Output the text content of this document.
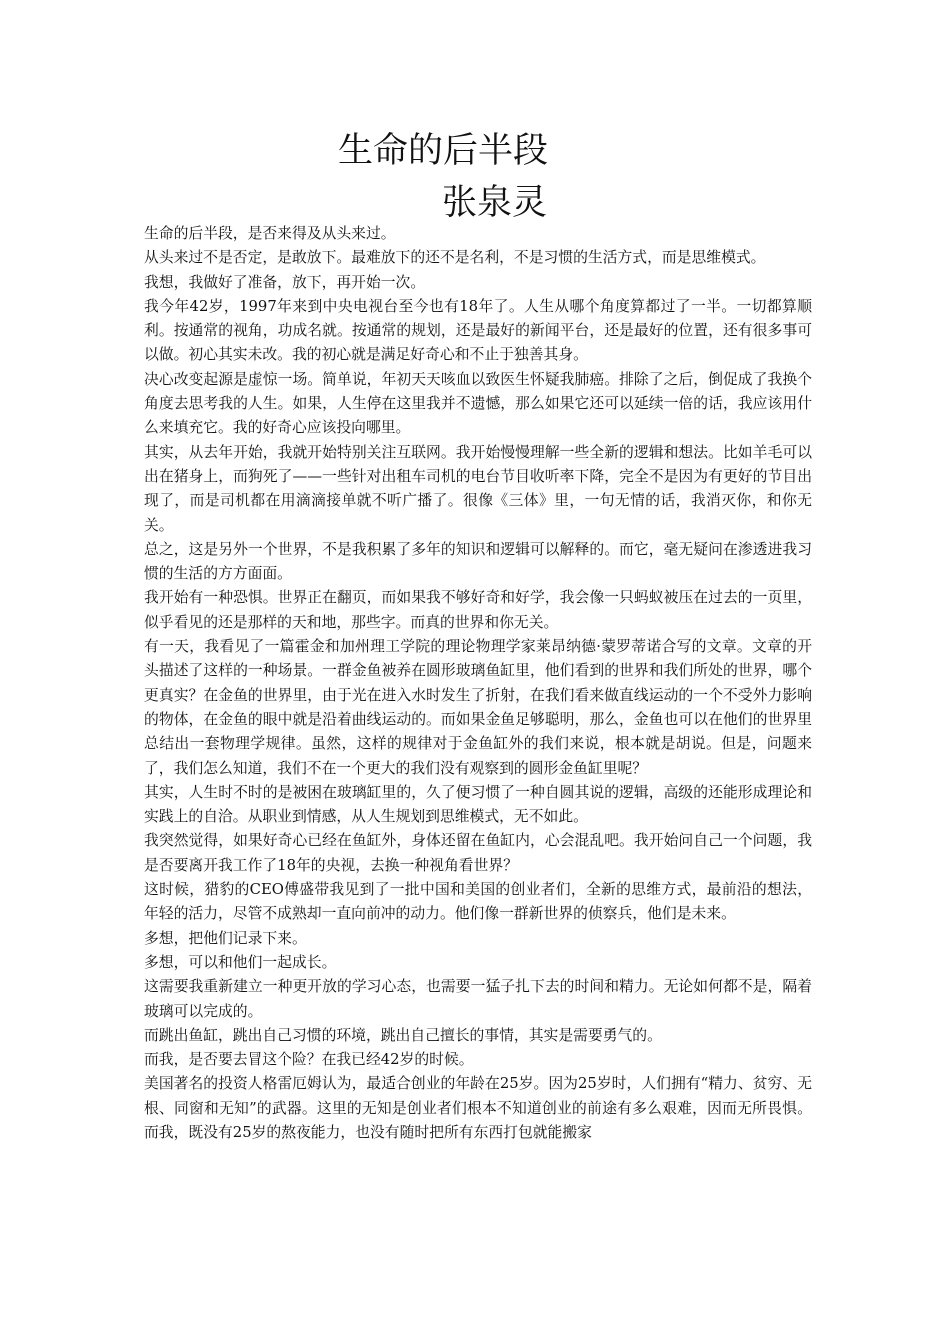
生命的后半段
张泉灵

生命的后半段，是否来得及从头来过。

从头来过不是否定，是敢放下。最难放下的还不是名利，不是习惯的生活方式，而是思维模式。

我想，我做好了准备，放下，再开始一次。

我今年42岁，1997年来到中央电视台至今也有18年了。人生从哪个角度算都过了一半。一切都算顺利。按通常的视角，功成名就。按通常的规划，还是最好的新闻平台，还是最好的位置，还有很多事可以做。初心其实未改。我的初心就是满足好奇心和不止于独善其身。

决心改变起源是虚惊一场。简单说，年初天天咳血以致医生怀疑我肺癌。排除了之后，倒促成了我换个角度去思考我的人生。如果，人生停在这里我并不遗憾，那么如果它还可以延续一倍的话，我应该用什么来填充它。我的好奇心应该投向哪里。

其实，从去年开始，我就开始特别关注互联网。我开始慢慢理解一些全新的逻辑和想法。比如羊毛可以出在猪身上，而狗死了——一些针对出租车司机的电台节目收听率下降，完全不是因为有更好的节目出现了，而是司机都在用滴滴接单就不听广播了。很像《三体》里，一句无情的话，我消灭你，和你无关。

总之，这是另外一个世界，不是我积累了多年的知识和逻辑可以解释的。而它，毫无疑问在渗透进我习惯的生活的方方面面。

我开始有一种恐惧。世界正在翻页，而如果我不够好奇和好学，我会像一只蚂蚁被压在过去的一页里，似乎看见的还是那样的天和地，那些字。而真的世界和你无关。

有一天，我看见了一篇霍金和加州理工学院的理论物理学家莱昂纳德·蒙罗蒂诺合写的文章。文章的开头描述了这样的一种场景。一群金鱼被养在圆形玻璃鱼缸里，他们看到的世界和我们所处的世界，哪个更真实？在金鱼的世界里，由于光在进入水时发生了折射，在我们看来做直线运动的一个不受外力影响的物体，在金鱼的眼中就是沿着曲线运动的。而如果金鱼足够聪明，那么，金鱼也可以在他们的世界里总结出一套物理学规律。虽然，这样的规律对于金鱼缸外的我们来说，根本就是胡说。但是，问题来了，我们怎么知道，我们不在一个更大的我们没有观察到的圆形金鱼缸里呢？

其实，人生时不时的是被困在玻璃缸里的，久了便习惯了一种自圆其说的逻辑，高级的还能形成理论和实践上的自洽。从职业到情感，从人生规划到思维模式，无不如此。

我突然觉得，如果好奇心已经在鱼缸外，身体还留在鱼缸内，心会混乱吧。我开始问自己一个问题，我是否要离开我工作了18年的央视，去换一种视角看世界？

这时候，猎豹的CEO傅盛带我见到了一批中国和美国的创业者们，全新的思维方式，最前沿的想法，年轻的活力，尽管不成熟却一直向前冲的动力。他们像一群新世界的侦察兵，他们是未来。

多想，把他们记录下来。

多想，可以和他们一起成长。

这需要我重新建立一种更开放的学习心态，也需要一猛子扎下去的时间和精力。无论如何都不是，隔着玻璃可以完成的。

而跳出鱼缸，跳出自己习惯的环境，跳出自己擅长的事情，其实是需要勇气的。

而我，是否要去冒这个险？在我已经42岁的时候。

美国著名的投资人格雷厄姆认为，最适合创业的年龄在25岁。因为25岁时，人们拥有“精力、贫穷、无根、同窗和无知”的武器。这里的无知是创业者们根本不知道创业的前途有多么艰难，因而无所畏惧。而我，既没有25岁的熬夜能力，也没有随时把所有东西打包就能搬家
